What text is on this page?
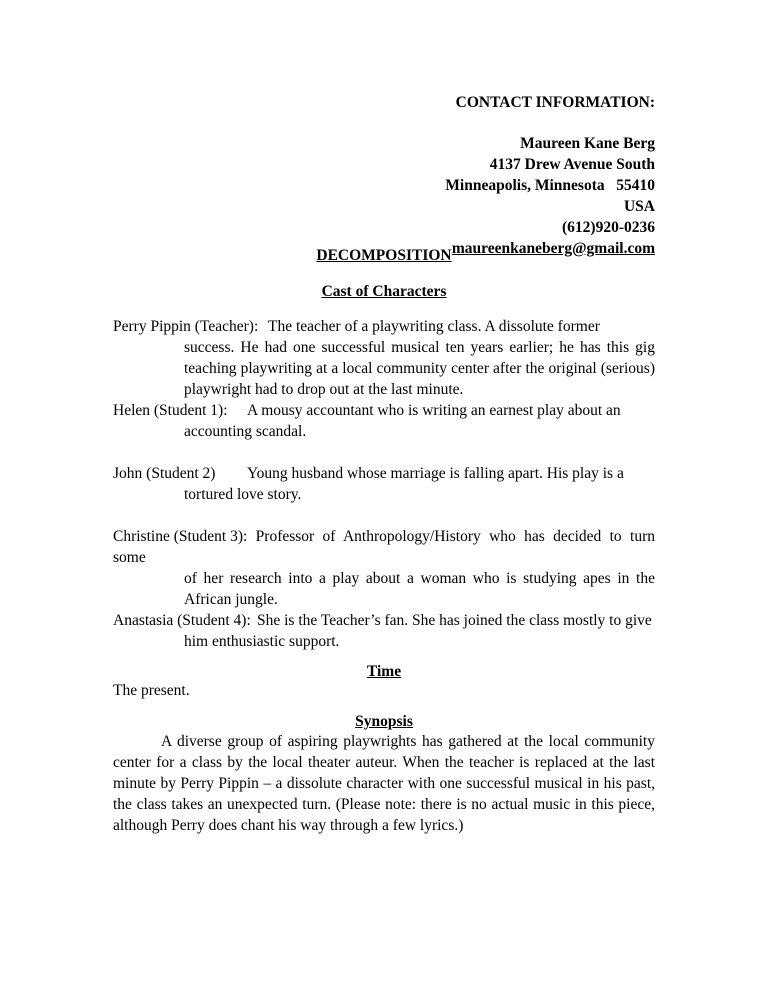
CONTACT INFORMATION:
Maureen Kane Berg
4137 Drew Avenue South
Minneapolis, Minnesota   55410
USA
(612)920-0236
maureenkaneberg@gmail.com
DECOMPOSITION
Cast of Characters
Perry Pippin (Teacher): The teacher of a playwriting class. A dissolute former
success. He had one successful musical ten years earlier; he has this gig teaching playwriting at a local community center after the original (serious) playwright had to drop out at the last minute.
Helen (Student 1): A mousy accountant who is writing an earnest play about an
accounting scandal.
John (Student 2) Young husband whose marriage is falling apart. His play is a
tortured love story.
Christine (Student 3): Professor of Anthropology/History who has decided to turn some
of her research into a play about a woman who is studying apes in the African jungle.
Anastasia (Student 4): She is the Teacher’s fan. She has joined the class mostly to give
him enthusiastic support.
Time
The present.
Synopsis
A diverse group of aspiring playwrights has gathered at the local community center for a class by the local theater auteur. When the teacher is replaced at the last minute by Perry Pippin – a dissolute character with one successful musical in his past, the class takes an unexpected turn. (Please note: there is no actual music in this piece, although Perry does chant his way through a few lyrics.)
